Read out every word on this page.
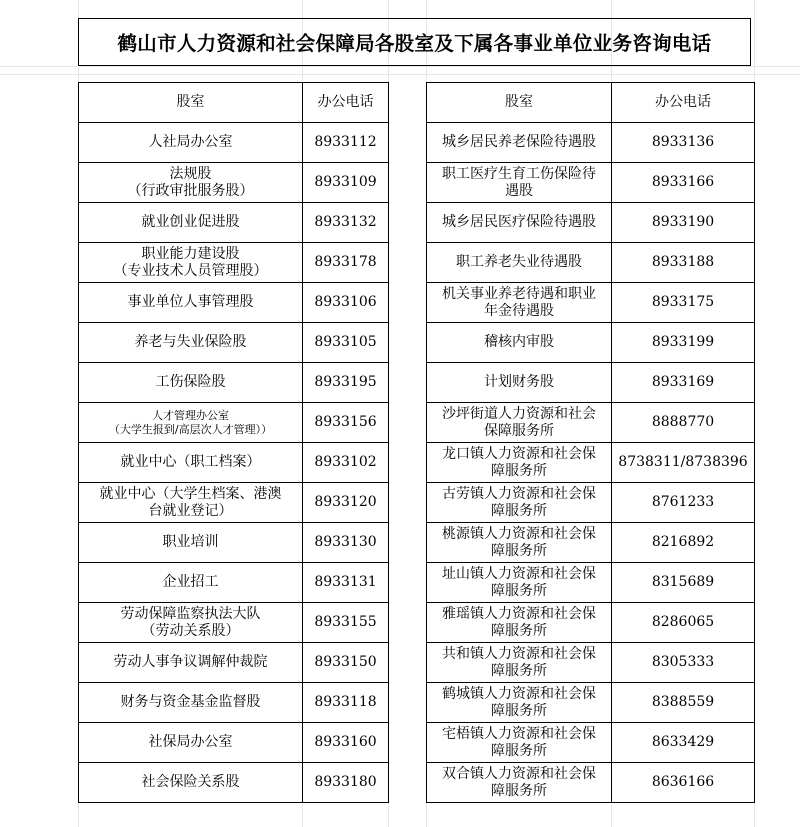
鹤山市人力资源和社会保障局各股室及下属各事业单位业务咨询电话
股室	办公电话

人社局办公室	8933112

法规股
（行政审批服务股）	8933109

就业创业促进股	8933132

职业能力建设股
（专业技术人员管理股）	8933178

事业单位人事管理股	8933106

养老与失业保险股	8933105

工伤保险股	8933195

人才管理办公室
（大学生报到/高层次人才管理））	8933156

就业中心（职工档案）	8933102

就业中心（大学生档案、港澳
台就业登记）	8933120

职业培训	8933130

企业招工	8933131

劳动保障监察执法大队
（劳动关系股）	8933155

劳动人事争议调解仲裁院	8933150

财务与资金基金监督股	8933118

社保局办公室	8933160

社会保险关系股	8933180
股室	办公电话

城乡居民养老保险待遇股	8933136

职工医疗生育工伤保险待
遇股	8933166

城乡居民医疗保险待遇股	8933190

职工养老失业待遇股	8933188

机关事业养老待遇和职业
年金待遇股	8933175

稽核内审股	8933199

计划财务股	8933169

沙坪街道人力资源和社会
保障服务所	8888770

龙口镇人力资源和社会保
障服务所	8738311/8738396

古劳镇人力资源和社会保
障服务所	8761233

桃源镇人力资源和社会保
障服务所	8216892

址山镇人力资源和社会保
障服务所	8315689

雅瑶镇人力资源和社会保
障服务所	8286065

共和镇人力资源和社会保
障服务所	8305333

鹤城镇人力资源和社会保
障服务所	8388559

宅梧镇人力资源和社会保
障服务所	8633429

双合镇人力资源和社会保
障服务所	8636166
